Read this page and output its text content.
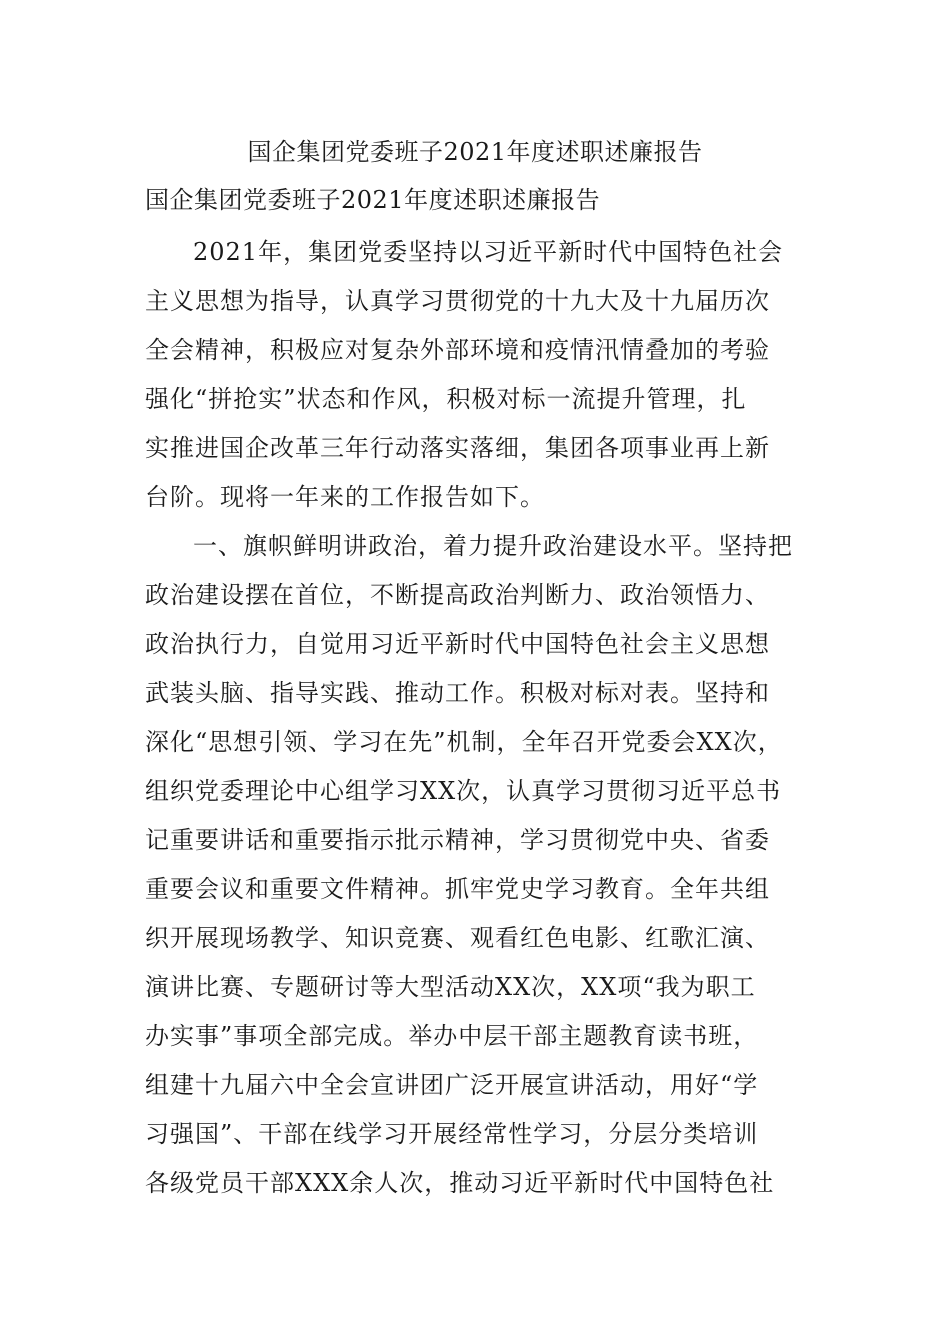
国企集团党委班子2021年度述职述廉报告
国企集团党委班子2021年度述职述廉报告
2021年，集团党委坚持以习近平新时代中国特色社会
主义思想为指导，认真学习贯彻党的十九大及十九届历次
全会精神，积极应对复杂外部环境和疫情汛情叠加的考验
强化“拼抢实”状态和作风，积极对标一流提升管理，扎
实推进国企改革三年行动落实落细，集团各项事业再上新
台阶。现将一年来的工作报告如下。
一、旗帜鲜明讲政治，着力提升政治建设水平。坚持把
政治建设摆在首位，不断提高政治判断力、政治领悟力、
政治执行力，自觉用习近平新时代中国特色社会主义思想
武装头脑、指导实践、推动工作。积极对标对表。坚持和
深化“思想引领、学习在先”机制，全年召开党委会XX次，
组织党委理论中心组学习XX次，认真学习贯彻习近平总书
记重要讲话和重要指示批示精神，学习贯彻党中央、省委
重要会议和重要文件精神。抓牢党史学习教育。全年共组
织开展现场教学、知识竞赛、观看红色电影、红歌汇演、
演讲比赛、专题研讨等大型活动XX次，XX项“我为职工
办实事”事项全部完成。举办中层干部主题教育读书班，
组建十九届六中全会宣讲团广泛开展宣讲活动，用好“学
习强国”、干部在线学习开展经常性学习，分层分类培训
各级党员干部XXX余人次，推动习近平新时代中国特色社
